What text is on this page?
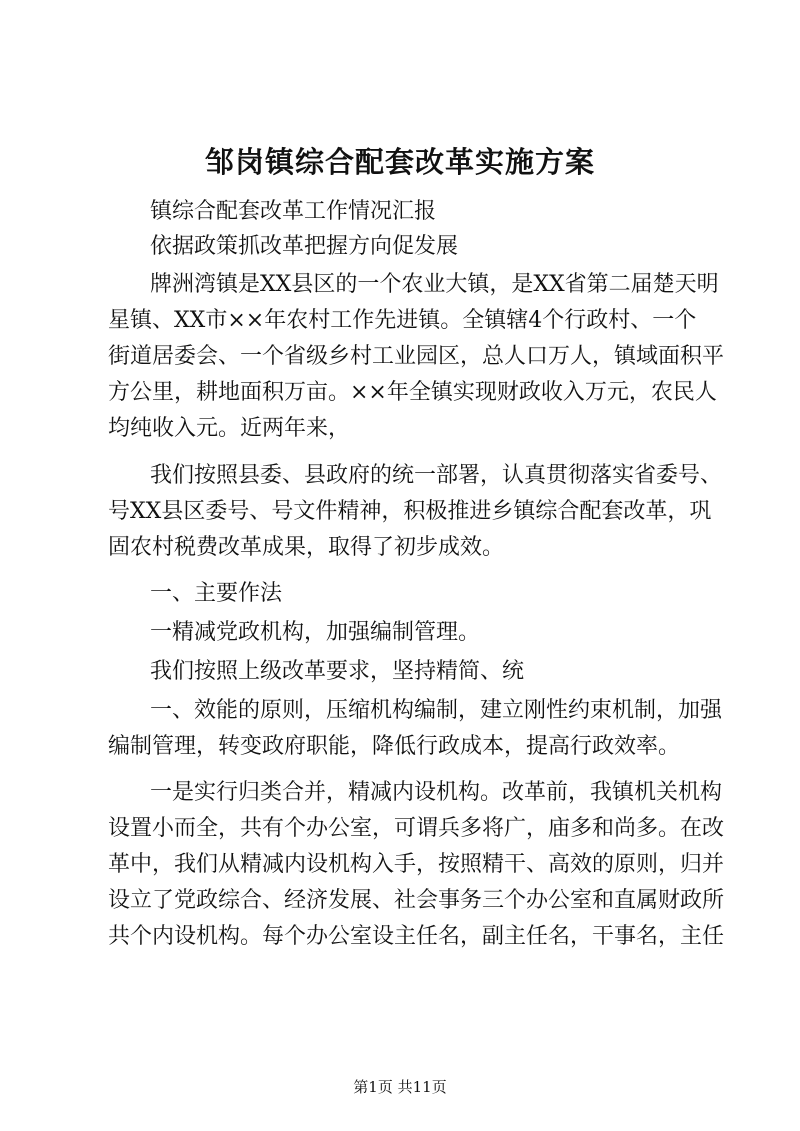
邹岗镇综合配套改革实施方案

镇综合配套改革工作情况汇报

依据政策抓改革把握方向促发展

牌洲湾镇是XX县区的一个农业大镇，是XX省第二届楚天明

星镇、XX市××年农村工作先进镇。全镇辖4个行政村、一个

街道居委会、一个省级乡村工业园区，总人口万人，镇域面积平

方公里，耕地面积万亩。××年全镇实现财政收入万元，农民人

均纯收入元。近两年来，

我们按照县委、县政府的统一部署，认真贯彻落实省委号、

号XX县区委号、号文件精神，积极推进乡镇综合配套改革，巩

固农村税费改革成果，取得了初步成效。

一、主要作法

一精减党政机构，加强编制管理。

我们按照上级改革要求，坚持精简、统

一、效能的原则，压缩机构编制，建立刚性约束机制，加强

编制管理，转变政府职能，降低行政成本，提高行政效率。

一是实行归类合并，精减内设机构。改革前，我镇机关机构

设置小而全，共有个办公室，可谓兵多将广，庙多和尚多。在改

革中，我们从精减内设机构入手，按照精干、高效的原则，归并

设立了党政综合、经济发展、社会事务三个办公室和直属财政所

共个内设机构。每个办公室设主任名，副主任名，干事名，主任

第1页 共11页
